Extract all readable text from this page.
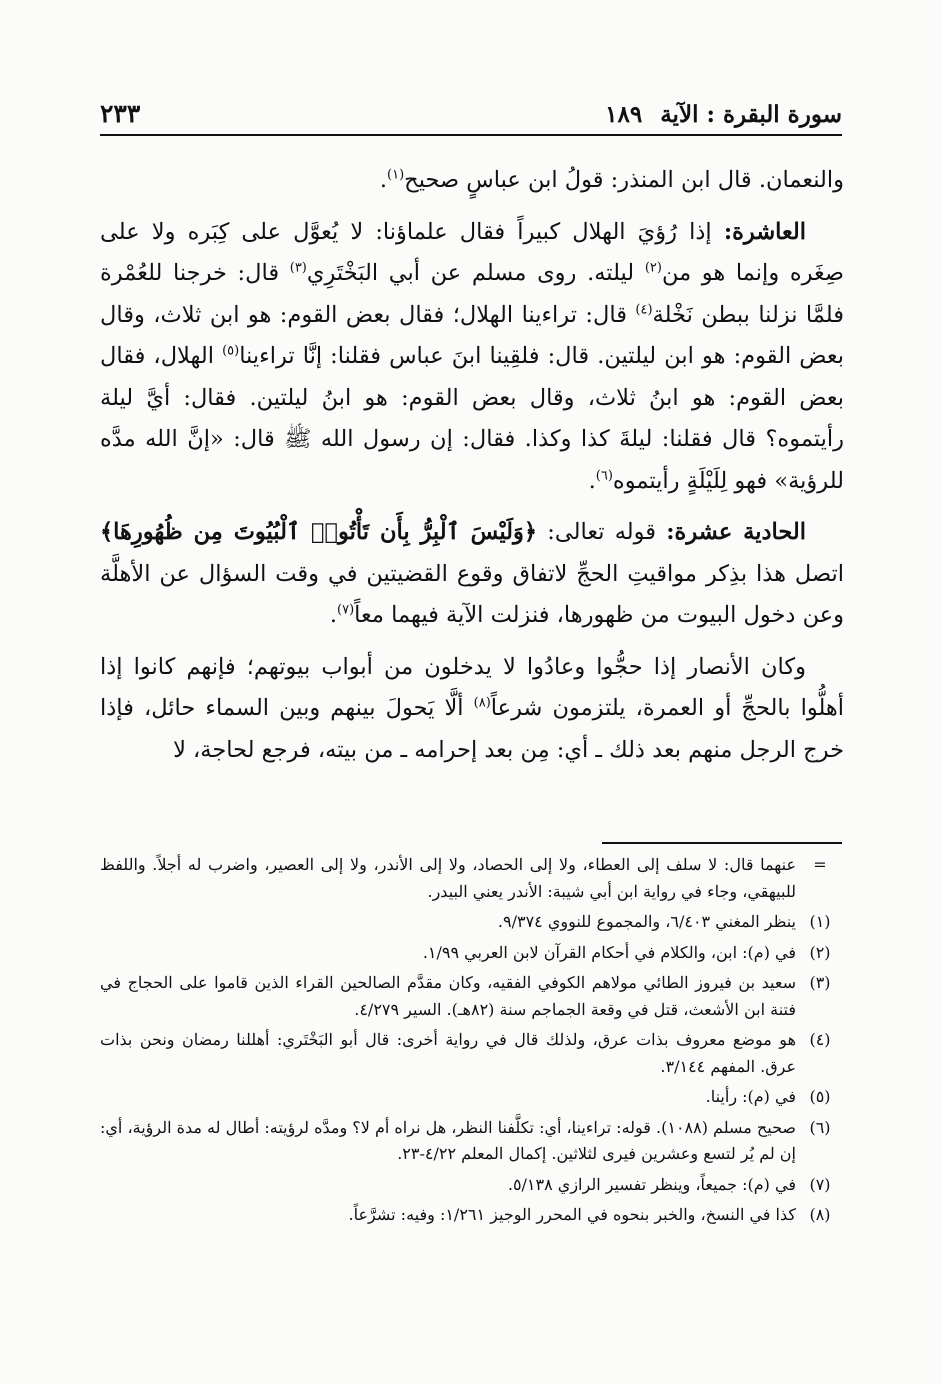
سورة البقرة : الآية ١٨٩
٢٣٣

والنعمان. قال ابن المنذر: قولُ ابن عباسٍ صحيح$^{(١)}$.

العاشرة: إذا رُؤيَ الهلال كبيراً فقال علماؤنا: لا يُعوَّل على كِبَره ولا على صِغَره وإنما هو من$^{(٢)}$ ليلته. روى مسلم عن أبي البَخْتَرِي$^{(٣)}$ قال: خرجنا للعُمْرة فلمَّا نزلنا ببطن نَخْلة$^{(٤)}$ قال: تراءينا الهلال؛ فقال بعض القوم: هو ابن ثلاث، وقال بعض القوم: هو ابن ليلتين. قال: فلقِينا ابنَ عباس فقلنا: إنَّا تراءينا$^{(٥)}$ الهلال، فقال بعض القوم: هو ابنُ ثلاث، وقال بعض القوم: هو ابنُ ليلتين. فقال: أيَّ ليلة رأيتموه؟ قال فقلنا: ليلةَ كذا وكذا. فقال: إن رسول الله ﷺ قال: «إنَّ الله مدَّه للرؤية» فهو لِلَيْلَةٍ رأيتموه$^{(٦)}$.

الحادية عشرة: قوله تعالى: ﴿وَلَيْسَ ٱلْبِرُّ بِأَن تَأْتُوا۟ ٱلْبُيُوتَ مِن ظُهُورِهَا﴾ اتصل هذا بذِكر مواقيتِ الحجِّ لاتفاق وقوع القضيتين في وقت السؤال عن الأهلَّة وعن دخول البيوت من ظهورها، فنزلت الآية فيهما معاً$^{(٧)}$.

وكان الأنصار إذا حجُّوا وعادُوا لا يدخلون من أبواب بيوتهم؛ فإنهم كانوا إذا أهلُّوا بالحجِّ أو العمرة، يلتزمون شرعاً$^{(٨)}$ ألَّا يَحولَ بينهم وبين السماء حائل، فإذا خرج الرجل منهم بعد ذلك ـ أي: مِن بعد إحرامه ـ من بيته، فرجع لحاجة، لا

=
عنهما قال: لا سلف إلى العطاء، ولا إلى الحصاد، ولا إلى الأندر، ولا إلى العصير، واضرب له أجلاً. واللفظ للبيهقي، وجاء في رواية ابن أبي شيبة: الأندر يعني البيدر.
(١)
ينظر المغني ٦/٤٠٣، والمجموع للنووي ٩/٣٧٤.
(٢)
في (م): ابن، والكلام في أحكام القرآن لابن العربي ١/٩٩.
(٣)
سعيد بن فيروز الطائي مولاهم الكوفي الفقيه، وكان مقدَّم الصالحين القراء الذين قاموا على الحجاج في فتنة ابن الأشعث، قتل في وقعة الجماجم سنة (٨٢هـ). السير ٤/٢٧٩.
(٤)
هو موضع معروف بذات عرق، ولذلك قال في رواية أخرى: قال أبو البَخْتَري: أهللنا رمضان ونحن بذات عرق. المفهم ٣/١٤٤.
(٥)
في (م): رأينا.
(٦)
صحيح مسلم (١٠٨٨). قوله: تراءينا، أي: تكلَّفنا النظر، هل نراه أم لا؟ ومدَّه لرؤيته: أطال له مدة الرؤية، أي: إن لم يُر لتسع وعشرين فيرى لثلاثين. إكمال المعلم ٤/٢٢-٢٣.
(٧)
في (م): جميعاً، وينظر تفسير الرازي ٥/١٣٨.
(٨)
كذا في النسخ، والخبر بنحوه في المحرر الوجيز ١/٢٦١: وفيه: تشرَّعاً.
